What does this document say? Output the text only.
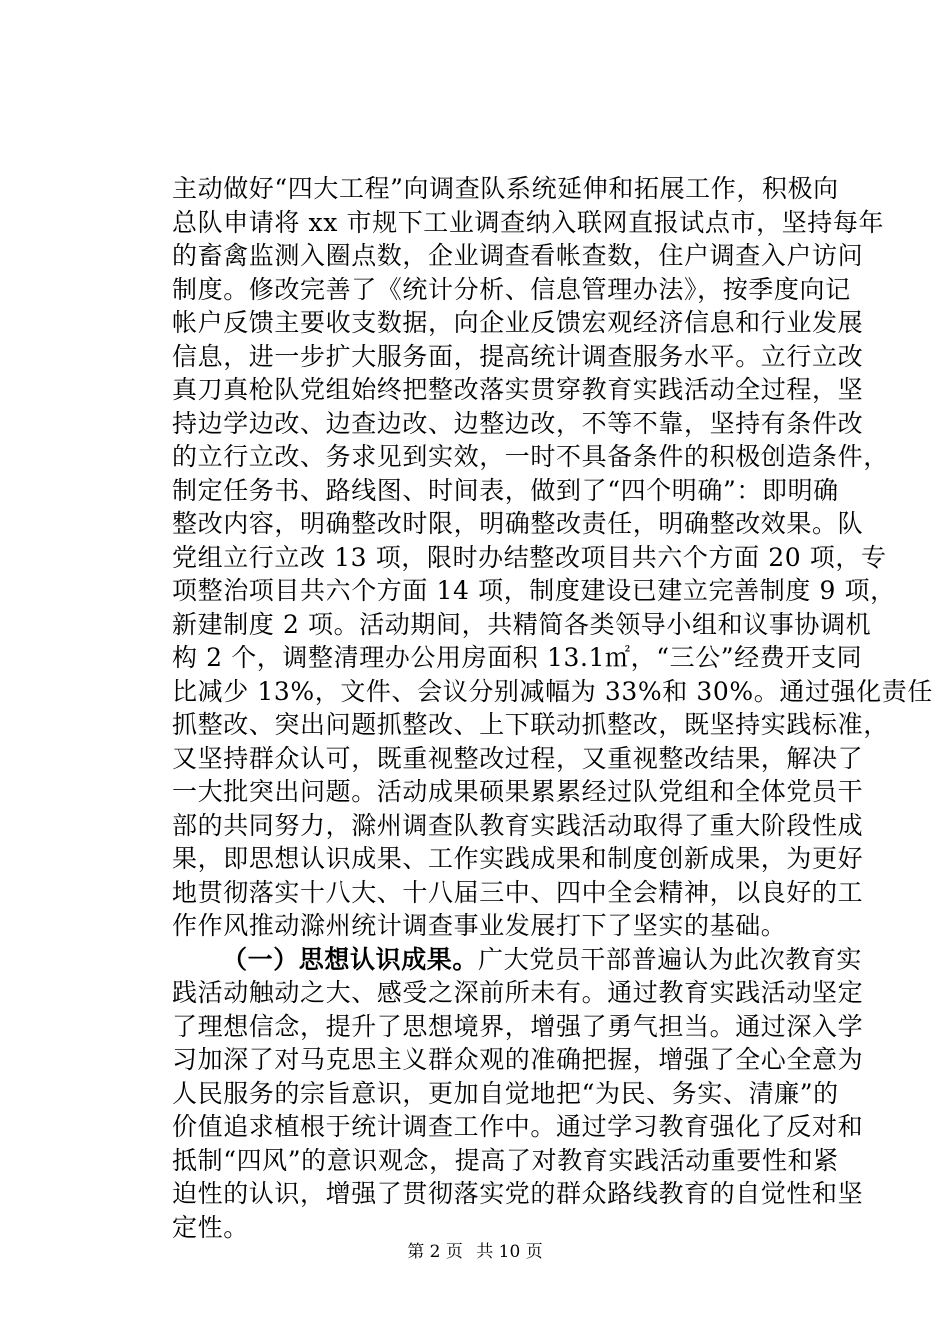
主动做好“四大工程”向调查队系统延伸和拓展工作，积极向
总队申请将 xx 市规下工业调查纳入联网直报试点市，坚持每年
的畜禽监测入圈点数，企业调查看帐查数，住户调查入户访问
制度。修改完善了《统计分析、信息管理办法》，按季度向记
帐户反馈主要收支数据，向企业反馈宏观经济信息和行业发展
信息，进一步扩大服务面，提高统计调查服务水平。立行立改
真刀真枪队党组始终把整改落实贯穿教育实践活动全过程，坚
持边学边改、边查边改、边整边改，不等不靠，坚持有条件改
的立行立改、务求见到实效，一时不具备条件的积极创造条件，
制定任务书、路线图、时间表，做到了“四个明确”：即明确
整改内容，明确整改时限，明确整改责任，明确整改效果。队
党组立行立改 13 项，限时办结整改项目共六个方面 20 项，专
项整治项目共六个方面 14 项，制度建设已建立完善制度 9 项，
新建制度 2 项。活动期间，共精简各类领导小组和议事协调机
构 2 个，调整清理办公用房面积 13.1㎡，“三公”经费开支同
比减少 13%，文件、会议分别减幅为 33%和 30%。通过强化责任
抓整改、突出问题抓整改、上下联动抓整改，既坚持实践标准，
又坚持群众认可，既重视整改过程，又重视整改结果，解决了
一大批突出问题。活动成果硕果累累经过队党组和全体党员干
部的共同努力，滁州调查队教育实践活动取得了重大阶段性成
果，即思想认识成果、工作实践成果和制度创新成果，为更好
地贯彻落实十八大、十八届三中、四中全会精神，以良好的工
作作风推动滁州统计调查事业发展打下了坚实的基础。
（一）思想认识成果。广大党员干部普遍认为此次教育实
践活动触动之大、感受之深前所未有。通过教育实践活动坚定
了理想信念，提升了思想境界，增强了勇气担当。通过深入学
习加深了对马克思主义群众观的准确把握，增强了全心全意为
人民服务的宗旨意识，更加自觉地把“为民、务实、清廉”的
价值追求植根于统计调查工作中。通过学习教育强化了反对和
抵制“四风”的意识观念，提高了对教育实践活动重要性和紧
迫性的认识，增强了贯彻落实党的群众路线教育的自觉性和坚
定性。
第 2 页 共 10 页
